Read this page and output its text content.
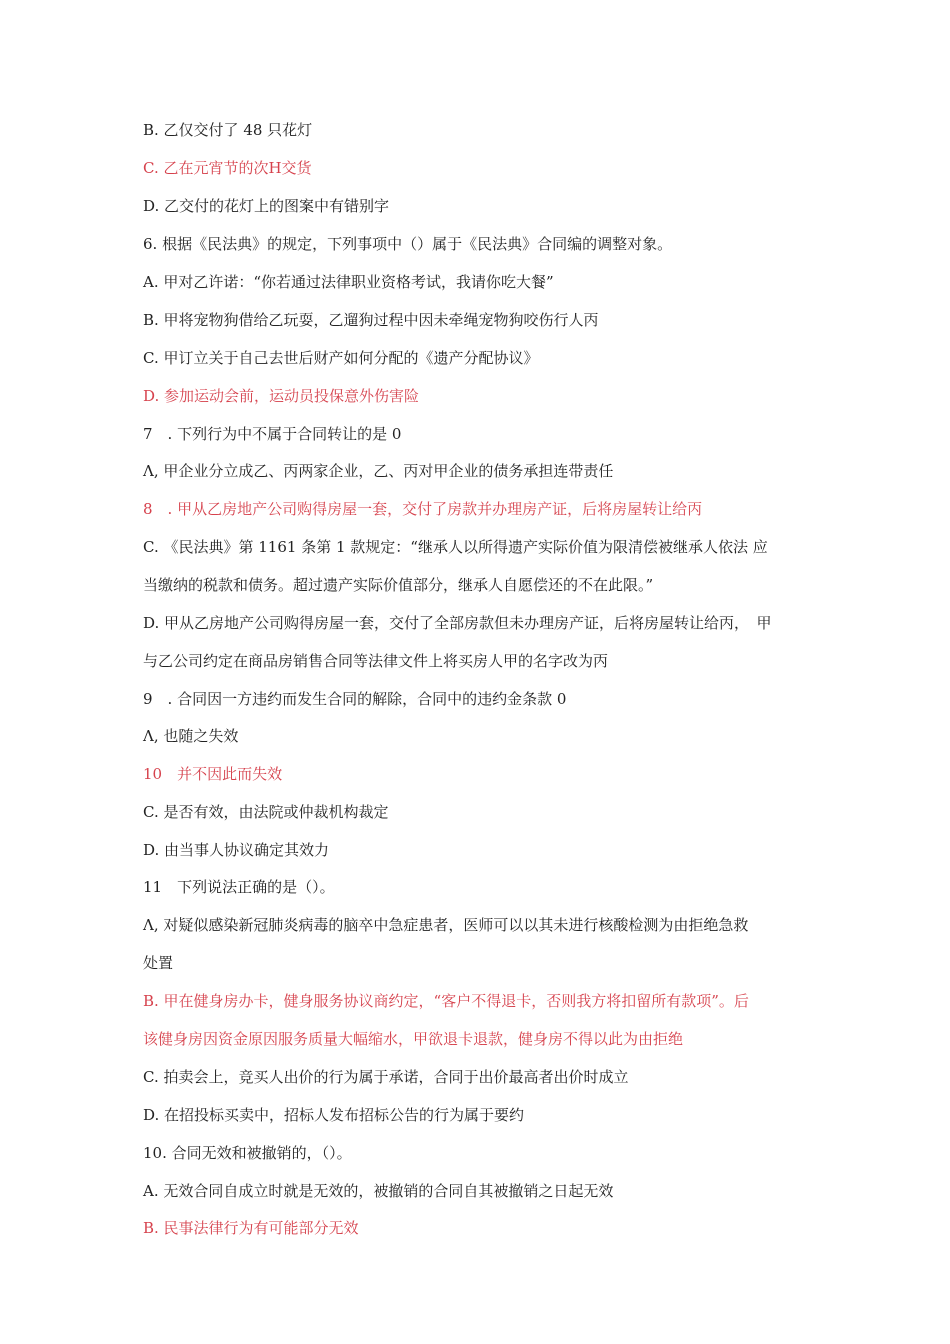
B. 乙仅交付了 48 只花灯
C. 乙在元宵节的次H交货
D. 乙交付的花灯上的图案中有错别字
6. 根据《民法典》的规定，下列事项中（）属于《民法典》合同编的调整对象。
A. 甲对乙许诺：“你若通过法律职业资格考试，我请你吃大餐”
B. 甲将宠物狗借给乙玩耍，乙遛狗过程中因未牵绳宠物狗咬伤行人丙
C. 甲订立关于自己去世后财产如何分配的《遗产分配协议》
D. 参加运动会前，运动员投保意外伤害险
7　. 下列行为中不属于合同转让的是 0
Λ, 甲企业分立成乙、丙两家企业，乙、丙对甲企业的债务承担连带责任
8　. 甲从乙房地产公司购得房屋一套，交付了房款并办理房产证，后将房屋转让给丙
C. 《民法典》第 1161 条第 1 款规定：“继承人以所得遗产实际价值为限清偿被继承人依法 应
当缴纳的税款和债务。超过遗产实际价值部分，继承人自愿偿还的不在此限。”
D. 甲从乙房地产公司购得房屋一套，交付了全部房款但未办理房产证，后将房屋转让给丙，　甲
与乙公司约定在商品房销售合同等法律文件上将买房人甲的名字改为丙
9　. 合同因一方违约而发生合同的解除，合同中的违约金条款 0
Λ, 也随之失效
10　并不因此而失效
C. 是否有效，由法院或仲裁机构裁定
D. 由当事人协议确定其效力
11　下列说法正确的是（）。
Λ, 对疑似感染新冠肺炎病毒的脑卒中急症患者，医师可以以其未进行核酸检测为由拒绝急救
处置
B. 甲在健身房办卡，健身服务协议商约定，“客户不得退卡，否则我方将扣留所有款项”。后
该健身房因资金原因服务质量大幅缩水，甲欲退卡退款，健身房不得以此为由拒绝
C. 拍卖会上，竞买人出价的行为属于承诺，合同于出价最高者出价时成立
D. 在招投标买卖中，招标人发布招标公告的行为属于要约
10. 合同无效和被撤销的，（）。
A. 无效合同自成立时就是无效的，被撤销的合同自其被撤销之日起无效
B. 民事法律行为有可能部分无效
